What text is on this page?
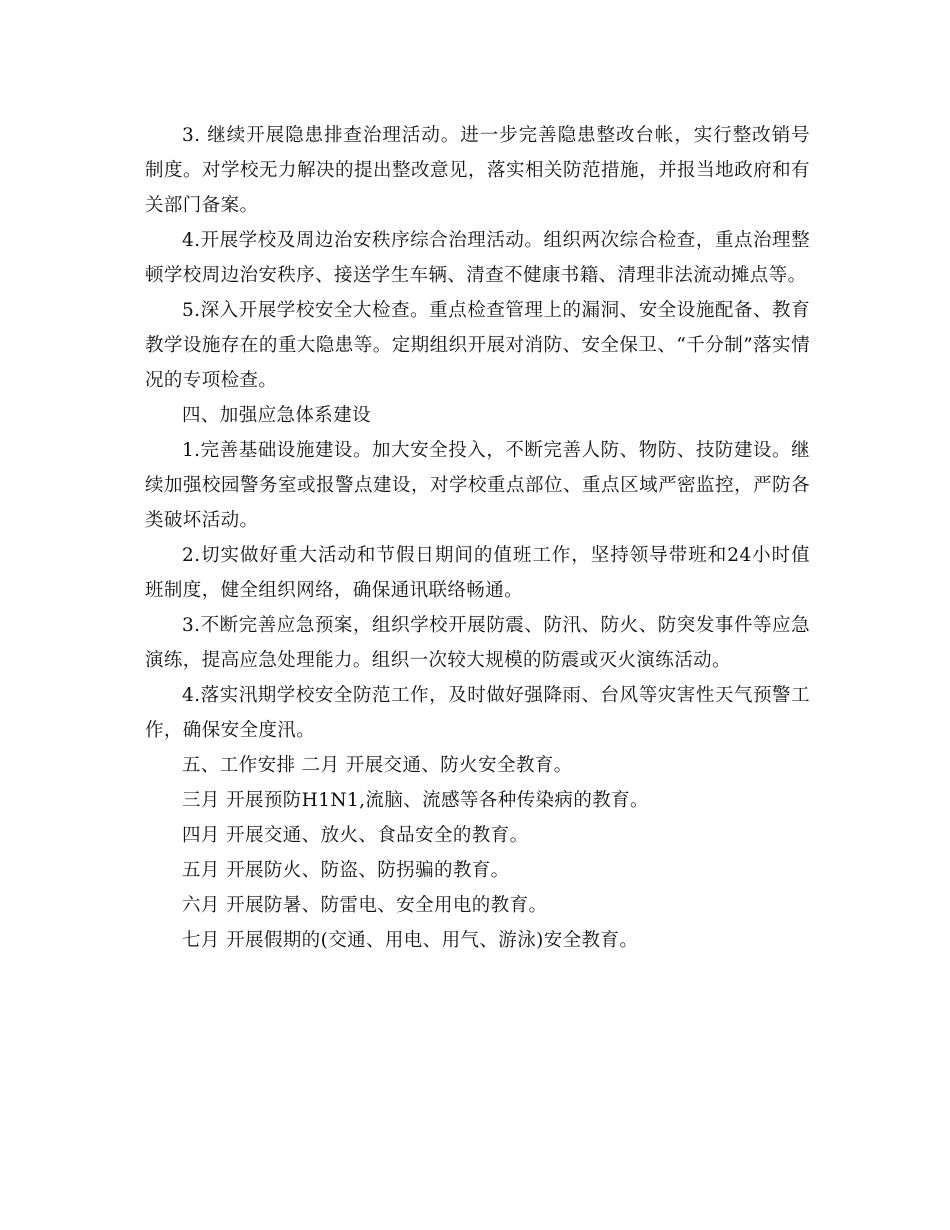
3. 继续开展隐患排查治理活动。进一步完善隐患整改台帐，实行整改销号制度。对学校无力解决的提出整改意见，落实相关防范措施，并报当地政府和有关部门备案。

4.开展学校及周边治安秩序综合治理活动。组织两次综合检查，重点治理整顿学校周边治安秩序、接送学生车辆、清查不健康书籍、清理非法流动摊点等。

5.深入开展学校安全大检查。重点检查管理上的漏洞、安全设施配备、教育教学设施存在的重大隐患等。定期组织开展对消防、安全保卫、“千分制”落实情况的专项检查。

四、加强应急体系建设

1.完善基础设施建设。加大安全投入，不断完善人防、物防、技防建设。继续加强校园警务室或报警点建设，对学校重点部位、重点区域严密监控，严防各类破坏活动。

2.切实做好重大活动和节假日期间的值班工作，坚持领导带班和24小时值班制度，健全组织网络，确保通讯联络畅通。

3.不断完善应急预案，组织学校开展防震、防汛、防火、防突发事件等应急演练，提高应急处理能力。组织一次较大规模的防震或灭火演练活动。

4.落实汛期学校安全防范工作，及时做好强降雨、台风等灾害性天气预警工作，确保安全度汛。

五、工作安排 二月 开展交通、防火安全教育。

三月 开展预防H1N1,流脑、流感等各种传染病的教育。

四月 开展交通、放火、食品安全的教育。

五月 开展防火、防盗、防拐骗的教育。

六月 开展防暑、防雷电、安全用电的教育。

七月 开展假期的(交通、用电、用气、游泳)安全教育。
